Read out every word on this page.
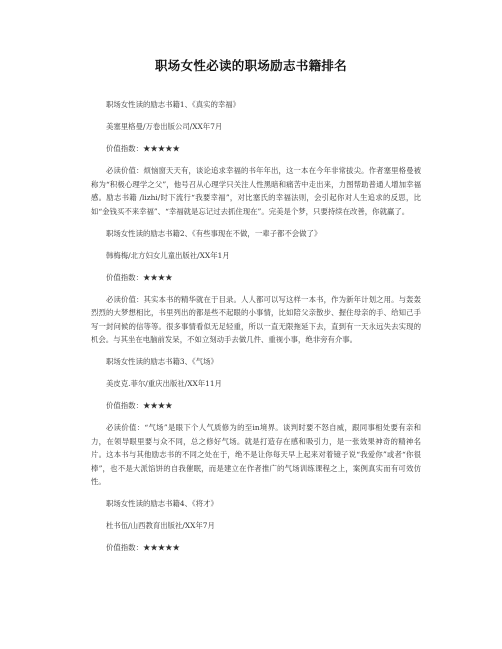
职场女性必读的职场励志书籍排名

职场女性读的励志书籍1、《真实的幸福》

美塞里格曼/万卷出版公司/XX年7月

价值指数：★★★★★

必读价值：烦恼窗天天有，谈论追求幸福的书年年出，这一本在今年非常拔尖。作者塞里格曼被称为“积极心理学之父”，他号召从心理学只关注人性黑暗和痛苦中走出来，力图帮助普通人增加幸福感。励志书籍 /lizhi/时下流行“我要幸福”，对比塞氏的幸福法则，会引起你对人生追求的反思，比如“金钱买不来幸福”、“幸福就是忘记过去抓住现在”。完美是个梦，只要持续在改善，你就赢了。

职场女性读的励志书籍2、《有些事现在不做，一辈子都不会做了》

韩梅梅/北方妇女儿童出版社/XX年1月

价值指数：★★★★

必读价值：其实本书的精华就在于目录。人人都可以写这样一本书，作为新年计划之用。与轰轰烈烈的大梦想相比，书里列出的都是些不起眼的小事情，比如陪父亲散步、握住母亲的手、给知己手写一封问候的信等等。很多事情看似无足轻重，所以一直无限拖延下去，直到有一天永远失去实现的机会。与其坐在电脑前发呆，不如立刻动手去做几件、重视小事，绝非旁有介事。

职场女性读的励志书籍3、《气场》

美皮克.菲尔/重庆出版社/XX年11月

价值指数：★★★★

必读价值：“气场”是眼下个人气质修为的至in境界。谈判时要不怒自威，跟同事相处要有亲和力，在领导眼里要与众不同，总之修好气场。就是打造存在感和吸引力，是一张效果神奇的精神名片。这本书与其他励志书的不同之处在于，绝不是让你每天早上起来对着镜子说“我爱你”或者“你很棒”，也不是大派馅饼的自我催眠，而是建立在作者推广的气场训练课程之上，案例真实而有可效仿性。

职场女性读的励志书籍4、《将才》

杜书伍/山西教育出版社/XX年7月

价值指数：★★★★★
